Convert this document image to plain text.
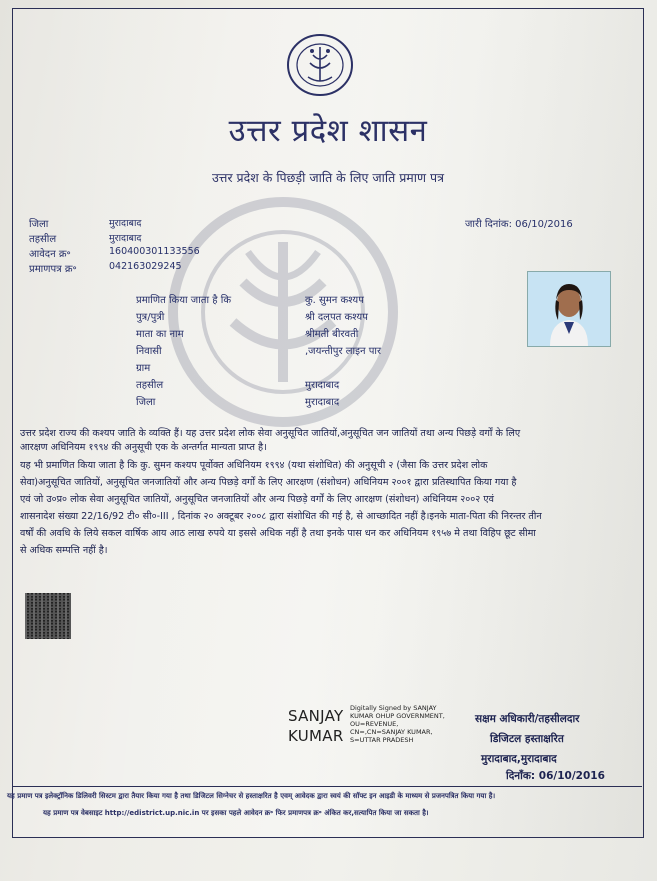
उत्तर प्रदेश शासन
उत्तर प्रदेश के पिछड़ी जाति के लिए जाति प्रमाण पत्र
जिला	मुरादाबाद
तहसील	मुरादाबाद
आवेदन क्र॰	160400301133556
प्रमाणपत्र क्र॰	042163029245
जारी दिनांक: 06/10/2016
प्रमाणित किया जाता है कि	कु. सुमन कश्यप
पुत्र/पुत्री	श्री दलपत कश्यप
माता का नाम	श्रीमती बीरवती
निवासी	,जयन्तीपुर लाइन पार
ग्राम
तहसील	मुरादाबाद
जिला	मुरादाबाद
उत्तर प्रदेश राज्य की कश्यप जाति के व्यक्ति हैं। यह उत्तर प्रदेश लोक सेवा अनुसूचित जातियों,अनुसूचित जन जातियों तथा अन्य पिछड़े वर्गों के लिए
आरक्षण अधिनियम १९९४ की अनुसूची एक के अन्तर्गत मान्यता प्राप्त है।
यह भी प्रमाणित किया जाता है कि कु. सुमन कश्यप पूर्वोक्त अधिनियम १९९४ (यथा संशोधित) की अनुसूची २ (जैसा कि उत्तर प्रदेश लोक
सेवा)अनुसूचित जातियों, अनुसूचित जनजातियों और अन्य पिछड़े वर्गों के लिए आरक्षण (संशोधन) अधिनियम २००१ द्वारा प्रतिस्थापित किया गया है
एवं जो उ०प्र० लोक सेवा अनुसूचित जातियों, अनुसूचित जनजातियों और अन्य पिछड़े वर्गों के लिए आरक्षण (संशोधन) अधिनियम २००२ एवं
शासनादेश संख्या 22/16/92 टी० सी०-III , दिनांक २० अक्टूबर २००८ द्वारा संशोधित की गई है, से आच्छादित नहीं है।इनके माता-पिता की निरन्तर तीन
वर्षों की अवधि के लिये सकल वार्षिक आय आठ लाख रुपये या इससे अधिक नहीं है तथा इनके पास धन कर अधिनियम १९५७ मे तथा विहिप छूट सीमा
से अधिक सम्पत्ति नहीं है।
SANJAY
KUMAR
Digitally Signed by SANJAY
KUMAR OHUP GOVERNMENT,
OU=REVENUE,
CN=,CN=SANJAY KUMAR,
S=UTTAR PRADESH
सक्षम अधिकारी/तहसीलदार
डिजिटल हस्ताक्षरित
मुरादाबाद,मुरादाबाद
दिनाँक: 06/10/2016
यह प्रमाण पत्र इलेक्ट्रॉनिक डिलिवरी सिस्टम द्वारा तैयार किया गया है तथा डिजिटल सिग्नेचर से हस्ताक्षरित है एवम् आवेदक द्वारा स्वयं की सॉफ्ट इन आइडी के माध्यम से प्रजनपत्रित किया गया है।
यह प्रमाण पत्र वेबसाइट http://edistrict.up.nic.in पर इसका पहले आवेदन क्र॰ फिर प्रमाणपत्र क्र॰ अंकित कर,सत्यापित किया जा सकता है।
